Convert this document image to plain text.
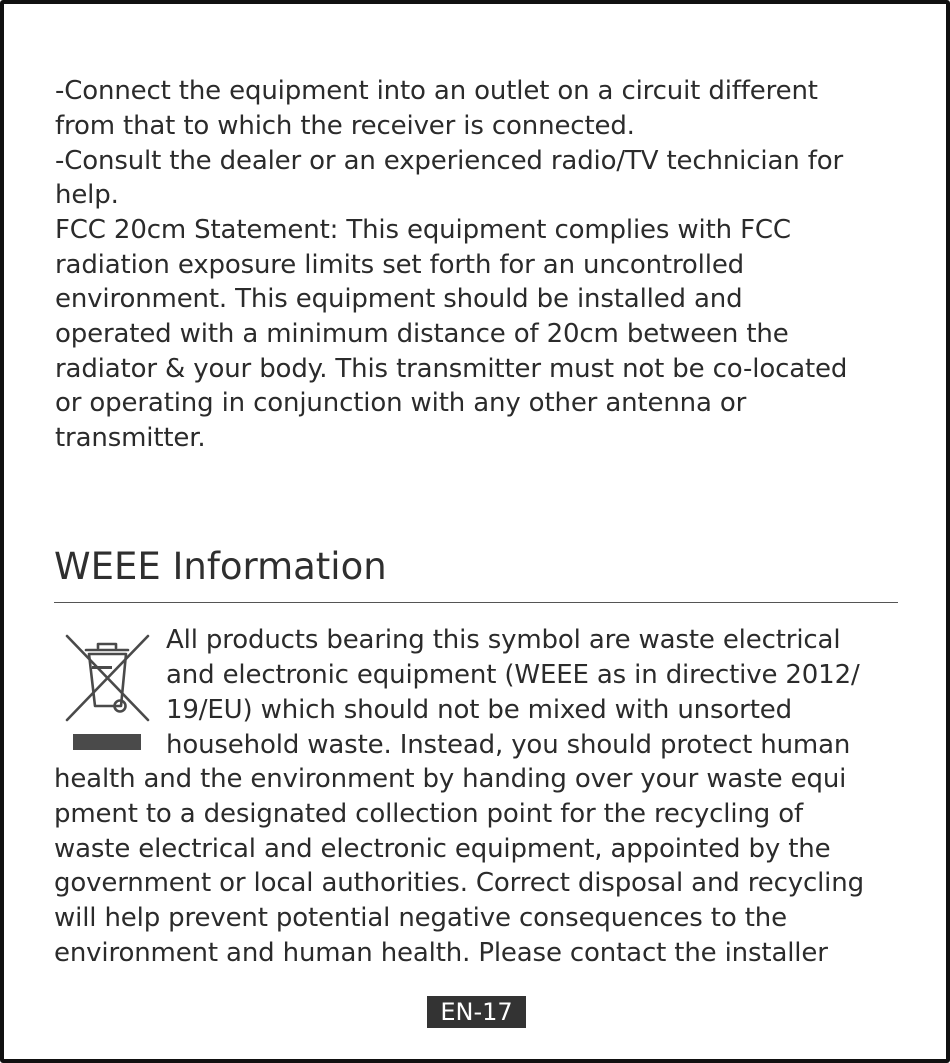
-Connect the equipment into an outlet on a circuit different
from that to which the receiver is connected.
-Consult the dealer or an experienced radio/TV technician for
help.
FCC 20cm Statement: This equipment complies with FCC
radiation exposure limits set forth for an uncontrolled
environment. This equipment should be installed and
operated with a minimum distance of 20cm between the
radiator & your body. This transmitter must not be co-located
or operating in conjunction with any other antenna or
transmitter.
WEEE Information
All products bearing this symbol are waste electrical
and electronic equipment (WEEE as in directive 2012/
19/EU) which should not be mixed with unsorted
household waste. Instead, you should protect human
health and the environment by handing over your waste equi
pment to a designated collection point for the recycling of
waste electrical and electronic equipment, appointed by the
government or local authorities. Correct disposal and recycling
will help prevent potential negative consequences to the
environment and human health. Please contact the installer
EN-17
